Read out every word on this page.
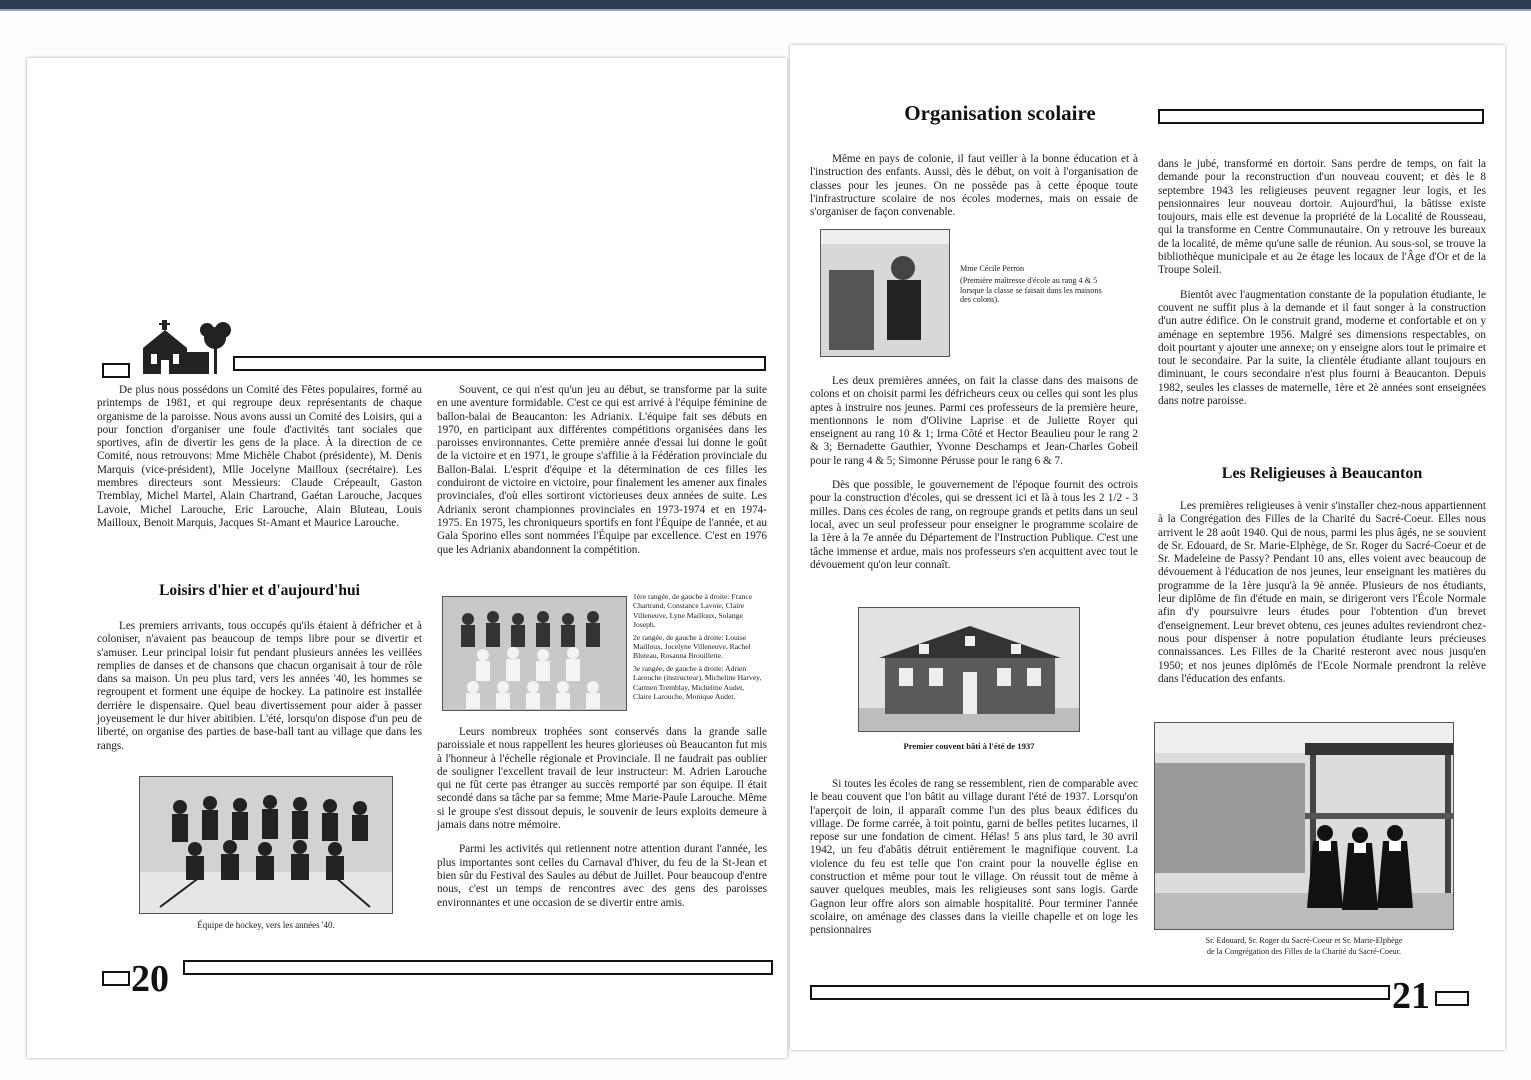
De plus nous possédons un Comité des Fêtes populaires, formé au printemps de 1981, et qui regroupe deux représentants de chaque organisme de la paroisse. Nous avons aussi un Comité des Loisirs, qui a pour fonction d'organiser une foule d'activités tant sociales que sportives, afin de divertir les gens de la place. À la direction de ce Comité, nous retrouvons: Mme Michèle Chabot (présidente), M. Denis Marquis (vice-président), Mlle Jocelyne Mailloux (secrétaire). Les membres directeurs sont Messieurs: Claude Crépeault, Gaston Tremblay, Michel Martel, Alain Chartrand, Gaétan Larouche, Jacques Lavoie, Michel Larouche, Eric Larouche, Alain Bluteau, Louis Mailloux, Benoit Marquis, Jacques St-Amant et Maurice Larouche.

Loisirs d'hier et d'aujourd'hui

Les premiers arrivants, tous occupés qu'ils étaient à défricher et à coloniser, n'avaient pas beaucoup de temps libre pour se divertir et s'amuser. Leur principal loisir fut pendant plusieurs années les veillées remplies de danses et de chansons que chacun organisait à tour de rôle dans sa maison. Un peu plus tard, vers les années '40, les hommes se regroupent et forment une équipe de hockey. La patinoire est installée derrière le dispensaire. Quel beau divertissement pour aider à passer joyeusement le dur hiver abitibien. L'été, lorsqu'on dispose d'un peu de liberté, on organise des parties de base-ball tant au village que dans les rangs.

Équipe de hockey, vers les années '40.

Souvent, ce qui n'est qu'un jeu au début, se transforme par la suite en une aventure formidable. C'est ce qui est arrivé à l'équipe féminine de ballon-balai de Beaucanton: les Adrianix. L'équipe fait ses débuts en 1970, en participant aux différentes compétitions organisées dans les paroisses environnantes. Cette première année d'essai lui donne le goût de la victoire et en 1971, le groupe s'affilie à la Fédération provinciale du Ballon-Balai. L'esprit d'équipe et la détermination de ces filles les conduiront de victoire en victoire, pour finalement les amener aux finales provinciales, d'où elles sortiront victorieuses deux années de suite. Les Adrianix seront championnes provinciales en 1973-1974 et en 1974-1975. En 1975, les chroniqueurs sportifs en font l'Équipe de l'année, et au Gala Sporino elles sont nommées l'Équipe par excellence. C'est en 1976 que les Adrianix abandonnent la compétition.

1ère rangée, de gauche à droite: France Chartrand, Constance Lavoie, Claire Villeneuve, Lyne Mailloux, Solange Joseph.

2e rangée, de gauche à droite: Louise Mailloux, Jocelyne Villeneuve, Rachel Bluteau, Rosanna Brouillette.

3e rangée, de gauche à droite: Adrien Larouche (instructeur), Micheline Harvey, Carmen Tremblay, Micheline Audet, Claire Larouche, Monique Audet.

Leurs nombreux trophées sont conservés dans la grande salle paroissiale et nous rappellent les heures glorieuses où Beaucanton fut mis à l'honneur à l'échelle régionale et Provinciale. Il ne faudrait pas oublier de souligner l'excellent travail de leur instructeur: M. Adrien Larouche qui ne fût certe pas étranger au succès remporté par son équipe. Il était secondé dans sa tâche par sa femme; Mme Marie-Paule Larouche. Même si le groupe s'est dissout depuis, le souvenir de leurs exploits demeure à jamais dans notre mémoire.

Parmi les activités qui retiennent notre attention durant l'année, les plus importantes sont celles du Carnaval d'hiver, du feu de la St-Jean et bien sûr du Festival des Saules au début de Juillet. Pour beaucoup d'entre nous, c'est un temps de rencontres avec des gens des paroisses environnantes et une occasion de se divertir entre amis.

20
Organisation scolaire

Même en pays de colonie, il faut veiller à la bonne éducation et à l'instruction des enfants. Aussi, dès le début, on voit à l'organisation de classes pour les jeunes. On ne possède pas à cette époque toute l'infrastructure scolaire de nos écoles modernes, mais on essaie de s'organiser de façon convenable.

Mme Cécile Perron

(Première maîtresse d'école au rang 4 & 5 lorsque la classe se faisait dans les maisons des colons).

Les deux premières années, on fait la classe dans des maisons de colons et on choisit parmi les défricheurs ceux ou celles qui sont les plus aptes à instruire nos jeunes. Parmi ces professeurs de la première heure, mentionnons le nom d'Olivine Laprise et de Juliette Royer qui enseignent au rang 10 & 1; Irma Côté et Hector Beaulieu pour le rang 2 & 3; Bernadette Gauthier, Yvonne Deschamps et Jean-Charles Gobeil pour le rang 4 & 5; Simonne Pérusse pour le rang 6 & 7.

Dès que possible, le gouvernement de l'époque fournit des octrois pour la construction d'écoles, qui se dressent ici et là à tous les 2 1/2 - 3 milles. Dans ces écoles de rang, on regroupe grands et petits dans un seul local, avec un seul professeur pour enseigner le programme scolaire de la 1ère à la 7e année du Département de l'Instruction Publique. C'est une tâche immense et ardue, mais nos professeurs s'en acquittent avec tout le dévouement qu'on leur connaît.

Premier couvent bâti à l'été de 1937

Si toutes les écoles de rang se ressemblent, rien de comparable avec le beau couvent que l'on bâtit au village durant l'été de 1937. Lorsqu'on l'aperçoit de loin, il apparaît comme l'un des plus beaux édifices du village. De forme carrée, à toit pointu, garni de belles petites lucarnes, il repose sur une fondation de ciment. Hélas! 5 ans plus tard, le 30 avril 1942, un feu d'abâtis détruit entièrement le magnifique couvent. La violence du feu est telle que l'on craint pour la nouvelle église en construction et même pour tout le village. On réussit tout de même à sauver quelques meubles, mais les religieuses sont sans logis. Garde Gagnon leur offre alors son aimable hospitalité. Pour terminer l'année scolaire, on aménage des classes dans la vieille chapelle et on loge les pensionnaires

dans le jubé, transformé en dortoir. Sans perdre de temps, on fait la demande pour la reconstruction d'un nouveau couvent; et dès le 8 septembre 1943 les religieuses peuvent regagner leur logis, et les pensionnaires leur nouveau dortoir. Aujourd'hui, la bâtisse existe toujours, mais elle est devenue la propriété de la Localité de Rousseau, qui la transforme en Centre Communautaire. On y retrouve les bureaux de la localité, de même qu'une salle de réunion. Au sous-sol, se trouve la bibliothèque municipale et au 2e étage les locaux de l'Âge d'Or et de la Troupe Soleil.

Bientôt avec l'augmentation constante de la population étudiante, le couvent ne suffit plus à la demande et il faut songer à la construction d'un autre édifice. On le construit grand, moderne et confortable et on y aménage en septembre 1956. Malgré ses dimensions respectables, on doit pourtant y ajouter une annexe; on y enseigne alors tout le primaire et tout le secondaire. Par la suite, la clientèle étudiante allant toujours en diminuant, le cours secondaire n'est plus fourni à Beaucanton. Depuis 1982, seules les classes de maternelle, 1ère et 2è années sont enseignées dans notre paroisse.

Les Religieuses à Beaucanton

Les premières religieuses à venir s'installer chez-nous appartiennent à la Congrégation des Filles de la Charité du Sacré-Coeur. Elles nous arrivent le 28 août 1940. Qui de nous, parmi les plus âgés, ne se souvient de Sr. Edouard, de Sr. Marie-Elphège, de Sr. Roger du Sacré-Coeur et de Sr. Madeleine de Passy? Pendant 10 ans, elles voient avec beaucoup de dévouement à l'éducation de nos jeunes, leur enseignant les matières du programme de la 1ère jusqu'à la 9è année. Plusieurs de nos étudiants, leur diplôme de fin d'étude en main, se dirigeront vers l'École Normale afin d'y poursuivre leurs études pour l'obtention d'un brevet d'enseignement. Leur brevet obtenu, ces jeunes adultes reviendront chez-nous pour dispenser à notre population étudiante leurs précieuses connaissances. Les Filles de la Charité resteront avec nous jusqu'en 1950; et nos jeunes diplômés de l'Ecole Normale prendront la relève dans l'éducation des enfants.

Sr. Edouard, Sr. Roger du Sacré-Coeur et Sr. Marie-Elphège
de la Congrégation des Filles de la Charité du Sacré-Coeur.
21
